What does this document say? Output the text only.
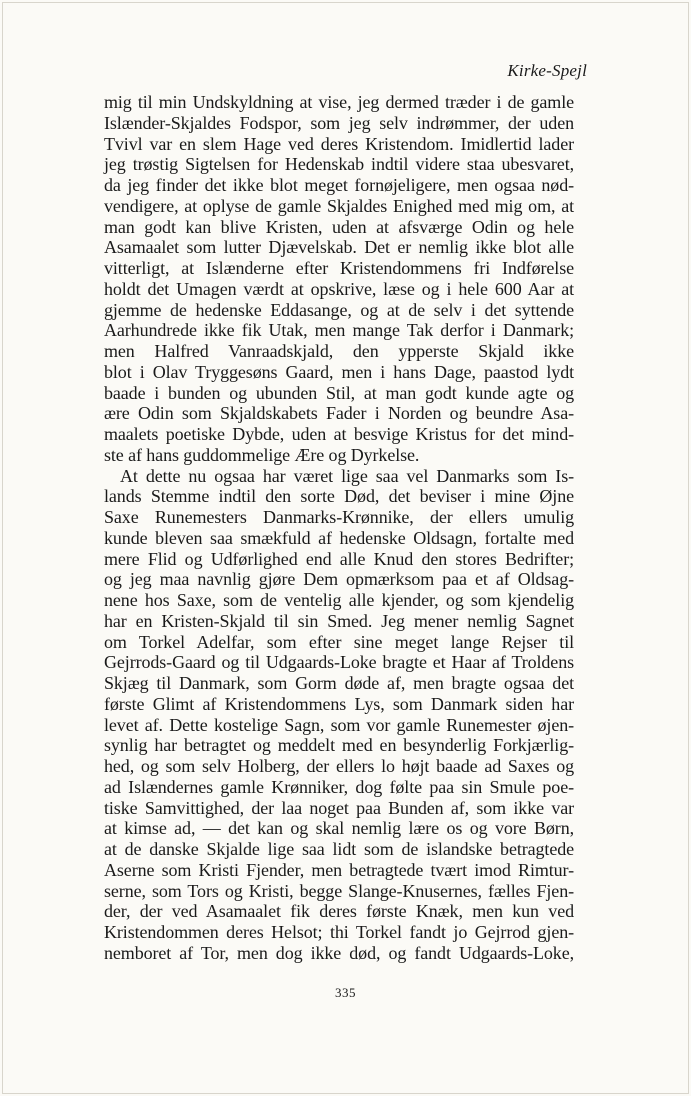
Kirke-Spejl
mig til min Undskyldning at vise, jeg dermed træder i de gamle
Islænder-Skjaldes Fodspor, som jeg selv indrømmer, der uden
Tvivl var en slem Hage ved deres Kristendom. Imidlertid lader
jeg trøstig Sigtelsen for Hedenskab indtil videre staa ubesvaret,
da jeg finder det ikke blot meget fornøjeligere, men ogsaa nød-
vendigere, at oplyse de gamle Skjaldes Enighed med mig om, at
man godt kan blive Kristen, uden at afsværge Odin og hele
Asamaalet som lutter Djævelskab. Det er nemlig ikke blot alle
vitterligt, at Islænderne efter Kristendommens fri Indførelse
holdt det Umagen værdt at opskrive, læse og i hele 600 Aar at
gjemme de hedenske Eddasange, og at de selv i det syttende
Aarhundrede ikke fik Utak, men mange Tak derfor i Danmark;
men Halfred Vanraadskjald, den ypperste Skjald ikke
blot i Olav Tryggesøns Gaard, men i hans Dage, paastod lydt
baade i bunden og ubunden Stil, at man godt kunde agte og
ære Odin som Skjaldskabets Fader i Norden og beundre Asa-
maalets poetiske Dybde, uden at besvige Kristus for det mind-
ste af hans guddommelige Ære og Dyrkelse.
At dette nu ogsaa har været lige saa vel Danmarks som Is-
lands Stemme indtil den sorte Død, det beviser i mine Øjne
Saxe Runemesters Danmarks-Krønnike, der ellers umulig
kunde bleven saa smækfuld af hedenske Oldsagn, fortalte med
mere Flid og Udførlighed end alle Knud den stores Bedrifter;
og jeg maa navnlig gjøre Dem opmærksom paa et af Oldsag-
nene hos Saxe, som de ventelig alle kjender, og som kjendelig
har en Kristen-Skjald til sin Smed. Jeg mener nemlig Sagnet
om Torkel Adelfar, som efter sine meget lange Rejser til
Gejrrods-Gaard og til Udgaards-Loke bragte et Haar af Troldens
Skjæg til Danmark, som Gorm døde af, men bragte ogsaa det
første Glimt af Kristendommens Lys, som Danmark siden har
levet af. Dette kostelige Sagn, som vor gamle Runemester øjen-
synlig har betragtet og meddelt med en besynderlig Forkjærlig-
hed, og som selv Holberg, der ellers lo højt baade ad Saxes og
ad Islændernes gamle Krønniker, dog følte paa sin Smule poe-
tiske Samvittighed, der laa noget paa Bunden af, som ikke var
at kimse ad, — det kan og skal nemlig lære os og vore Børn,
at de danske Skjalde lige saa lidt som de islandske betragtede
Aserne som Kristi Fjender, men betragtede tvært imod Rimtur-
serne, som Tors og Kristi, begge Slange-Knusernes, fælles Fjen-
der, der ved Asamaalet fik deres første Knæk, men kun ved
Kristendommen deres Helsot; thi Torkel fandt jo Gejrrod gjen-
nemboret af Tor, men dog ikke død, og fandt Udgaards-Loke,
335
